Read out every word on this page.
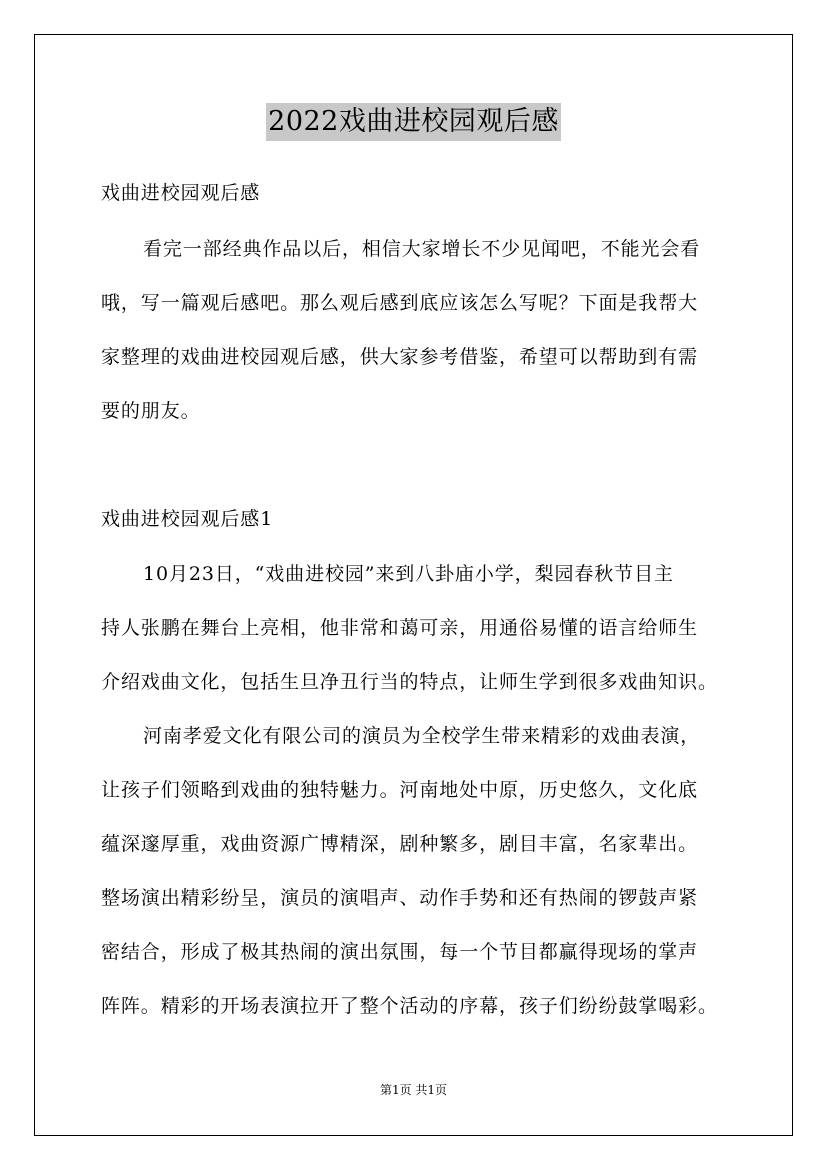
2022戏曲进校园观后感
戏曲进校园观后感
看完一部经典作品以后，相信大家增长不少见闻吧，不能光会看
哦，写一篇观后感吧。那么观后感到底应该怎么写呢？下面是我帮大
家整理的戏曲进校园观后感，供大家参考借鉴，希望可以帮助到有需
要的朋友。
戏曲进校园观后感1
10月23日，“戏曲进校园”来到八卦庙小学，梨园春秋节目主
持人张鹏在舞台上亮相，他非常和蔼可亲，用通俗易懂的语言给师生
介绍戏曲文化，包括生旦净丑行当的特点，让师生学到很多戏曲知识。
河南孝爱文化有限公司的演员为全校学生带来精彩的戏曲表演，
让孩子们领略到戏曲的独特魅力。河南地处中原，历史悠久，文化底
蕴深邃厚重，戏曲资源广博精深，剧种繁多，剧目丰富，名家辈出。
整场演出精彩纷呈，演员的演唱声、动作手势和还有热闹的锣鼓声紧
密结合，形成了极其热闹的演出氛围，每一个节目都赢得现场的掌声
阵阵。精彩的开场表演拉开了整个活动的序幕，孩子们纷纷鼓掌喝彩。
第1页 共1页
